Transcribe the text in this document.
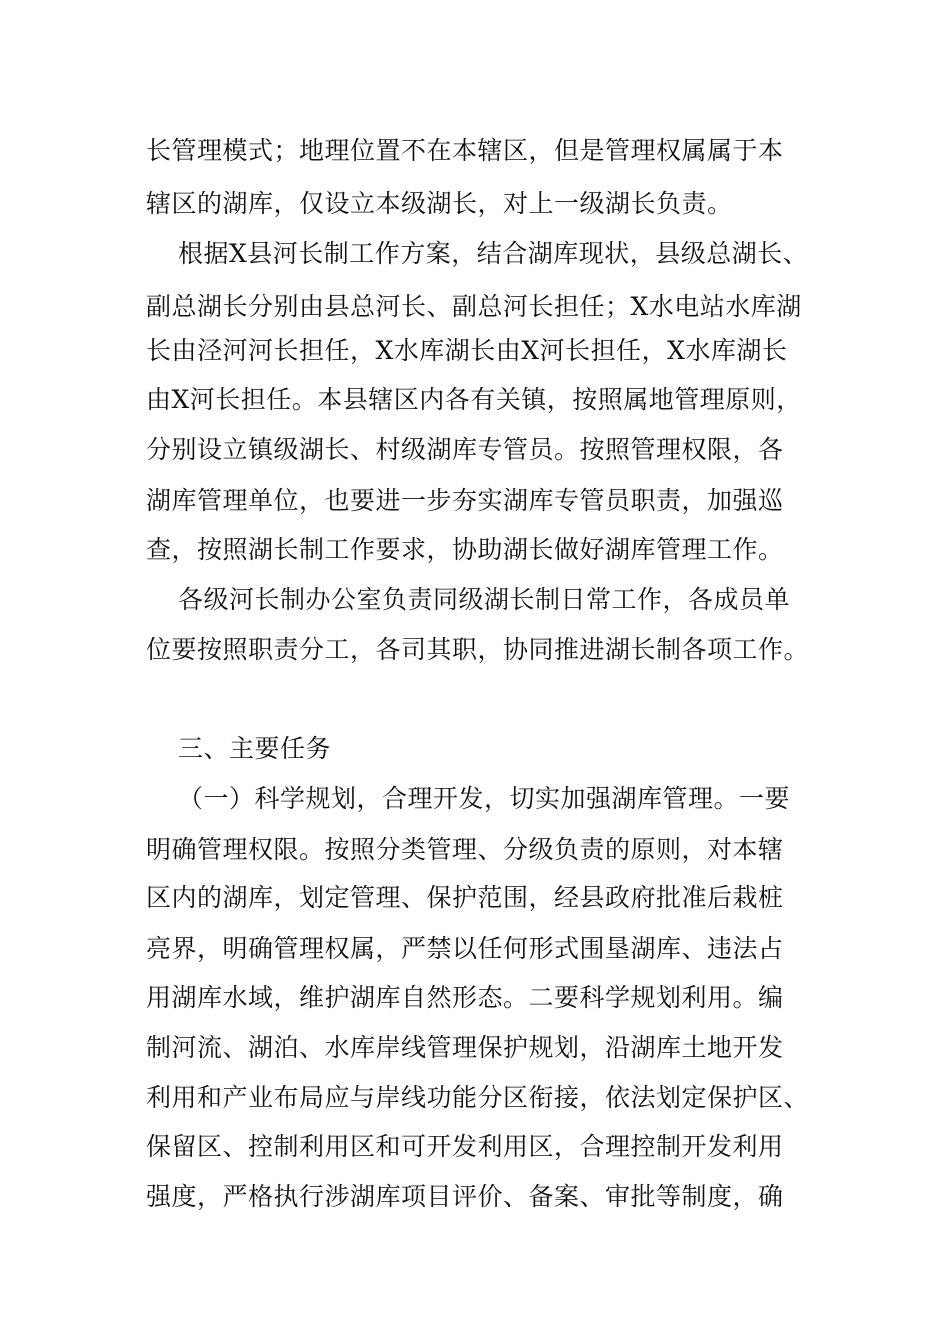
长管理模式；地理位置不在本辖区，但是管理权属属于本
辖区的湖库，仅设立本级湖长，对上一级湖长负责。
根据X县河长制工作方案，结合湖库现状，县级总湖长、
副总湖长分别由县总河长、副总河长担任；X水电站水库湖
长由泾河河长担任，X水库湖长由X河长担任，X水库湖长
由X河长担任。本县辖区内各有关镇，按照属地管理原则，
分别设立镇级湖长、村级湖库专管员。按照管理权限，各
湖库管理单位，也要进一步夯实湖库专管员职责，加强巡
查，按照湖长制工作要求，协助湖长做好湖库管理工作。
各级河长制办公室负责同级湖长制日常工作，各成员单
位要按照职责分工，各司其职，协同推进湖长制各项工作。
三、主要任务
（一）科学规划，合理开发，切实加强湖库管理。一要
明确管理权限。按照分类管理、分级负责的原则，对本辖
区内的湖库，划定管理、保护范围，经县政府批准后栽桩
亮界，明确管理权属，严禁以任何形式围垦湖库、违法占
用湖库水域，维护湖库自然形态。二要科学规划利用。编
制河流、湖泊、水库岸线管理保护规划，沿湖库土地开发
利用和产业布局应与岸线功能分区衔接，依法划定保护区、
保留区、控制利用区和可开发利用区，合理控制开发利用
强度，严格执行涉湖库项目评价、备案、审批等制度，确
